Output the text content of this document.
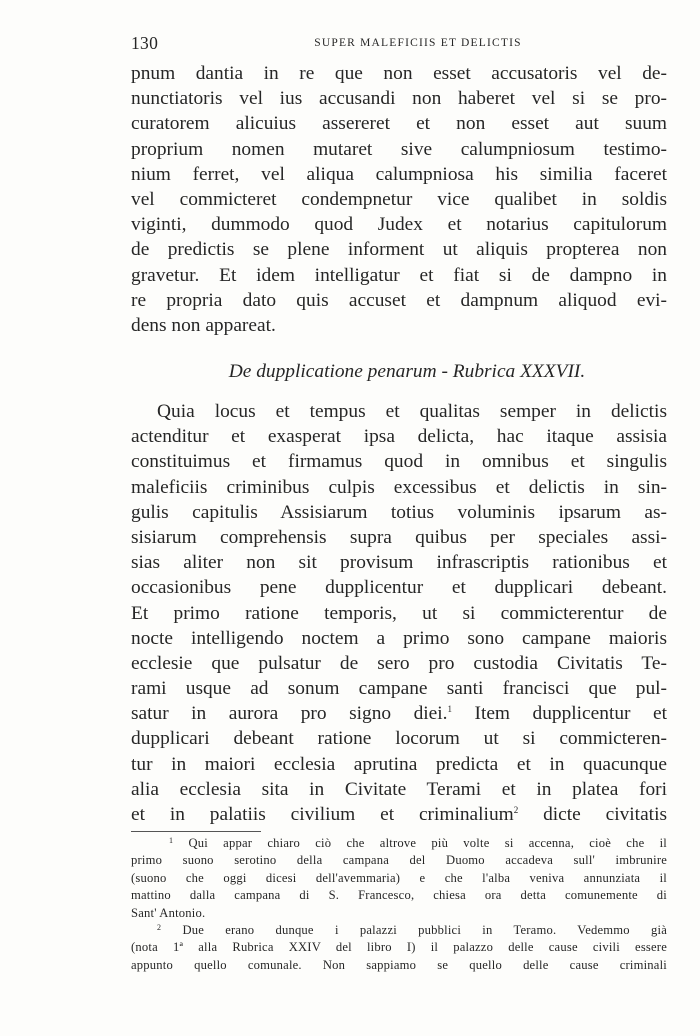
130	SUPER MALEFICIIS ET DELICTIS
pnum dantia in re que non esset accusatoris vel de-
nunctiatoris vel ius accusandi non haberet vel si se pro-
curatorem alicuius assereret et non esset aut suum
proprium nomen mutaret sive calumpniosum testimo-
nium ferret, vel aliqua calumpniosa his similia faceret
vel commicteret condempnetur vice qualibet in soldis
viginti, dummodo quod Judex et notarius capitulorum
de predictis se plene informent ut aliquis propterea non
gravetur. Et idem intelligatur et fiat si de dampno in
re propria dato quis accuset et dampnum aliquod evi-
dens non appareat.
De dupplicatione penarum - Rubrica XXXVII.
Quia locus et tempus et qualitas semper in delictis
actenditur et exasperat ipsa delicta, hac itaque assisia
constituimus et firmamus quod in omnibus et singulis
maleficiis criminibus culpis excessibus et delictis in sin-
gulis capitulis Assisiarum totius voluminis ipsarum as-
sisiarum comprehensis supra quibus per speciales assi-
sias aliter non sit provisum infrascriptis rationibus et
occasionibus pene dupplicentur et dupplicari debeant.
Et primo ratione temporis, ut si commicterentur de
nocte intelligendo noctem a primo sono campane maioris
ecclesie que pulsatur de sero pro custodia Civitatis Te-
rami usque ad sonum campane santi francisci que pul-
satur in aurora pro signo diei.$^1$ Item dupplicentur et
dupplicari debeant ratione locorum ut si commicteren-
tur in maiori ecclesia aprutina predicta et in quacunque
alia ecclesia sita in Civitate Terami et in platea fori
et in palatiis civilium et criminalium$^2$ dicte civitatis
$^1$ Qui appar chiaro ciò che altrove più volte si accenna, cioè che il
primo suono serotino della campana del Duomo accadeva sull' imbrunire
(suono che oggi dicesi dell'avemmaria) e che l'alba veniva annunziata il
mattino dalla campana di S. Francesco, chiesa ora detta comunemente di
Sant' Antonio.
$^2$ Due erano dunque i palazzi pubblici in Teramo. Vedemmo già
(nota 1ª alla Rubrica XXIV del libro I) il palazzo delle cause civili essere
appunto quello comunale. Non sappiamo se quello delle cause criminali
